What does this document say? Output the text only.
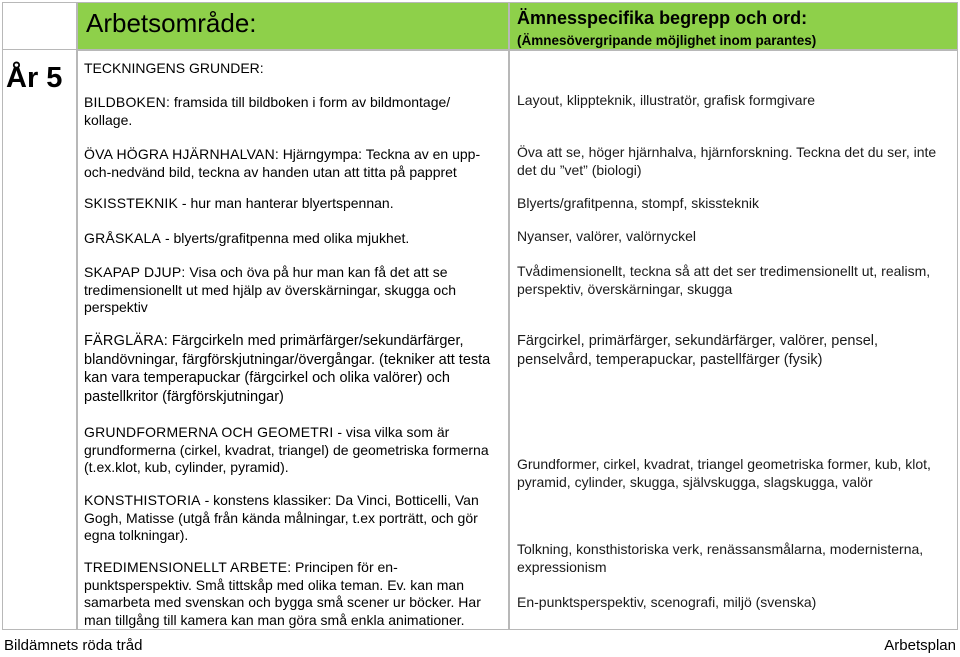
Arbetsområde:	Ämnesspecifika begrepp och ord:
(Ämnesövergripande möjlighet inom parantes)
År 5 TECKNINGENS GRUNDER:
BILDBOKEN: framsida till bildboken i form av bildmontage/ kollage.
ÖVA HÖGRA HJÄRNHALVAN: Hjärngympa: Teckna av en upp-och-nedvänd bild, teckna av handen utan att titta på pappret
SKISSTEKNIK - hur man hanterar blyertspennan.
GRÅSKALA - blyerts/grafitpenna med olika mjukhet.
SKAPAP DJUP: Visa och öva på hur man kan få det att se tredimensionellt ut med hjälp av överskärningar, skugga och perspektiv
FÄRGLÄRA: Färgcirkeln med primärfärger/sekundärfärger, blandövningar, färgförskjutningar/övergångar. (tekniker att testa kan vara temperapuckar (färgcirkel och olika valörer) och pastellkritor (färgförskjutningar)
GRUNDFORMERNA OCH GEOMETRI - visa vilka som är grundformerna (cirkel, kvadrat, triangel) de geometriska formerna (t.ex.klot, kub, cylinder, pyramid).
KONSTHISTORIA - konstens klassiker: Da Vinci, Botticelli, Van Gogh, Matisse (utgå från kända målningar, t.ex porträtt, och gör egna tolkningar).
TREDIMENSIONELLT ARBETE: Principen för en-punktsperspektiv. Små tittskåp med olika teman. Ev. kan man samarbeta med svenskan och bygga små scener ur böcker. Har man tillgång till kamera kan man göra små enkla animationer.
Layout, klippteknik, illustratör, grafisk formgivare
Öva att se, höger hjärnhalva, hjärnforskning. Teckna det du ser, inte det du ”vet” (biologi)
Blyerts/grafitpenna, stompf, skissteknik
Nyanser, valörer, valörnyckel
Tvådimensionellt, teckna så att det ser tredimensionellt ut, realism, perspektiv, överskärningar, skugga
Färgcirkel, primärfärger, sekundärfärger, valörer, pensel, penselvård, temperapuckar, pastellfärger (fysik)
Grundformer, cirkel, kvadrat, triangel geometriska former, kub, klot, pyramid, cylinder, skugga, självskugga, slagskugga, valör
Tolkning, konsthistoriska verk, renässansmålarna, modernisterna, expressionism
En-punktsperspektiv, scenografi, miljö (svenska)
Bildämnets röda tråd	Arbetsplan
